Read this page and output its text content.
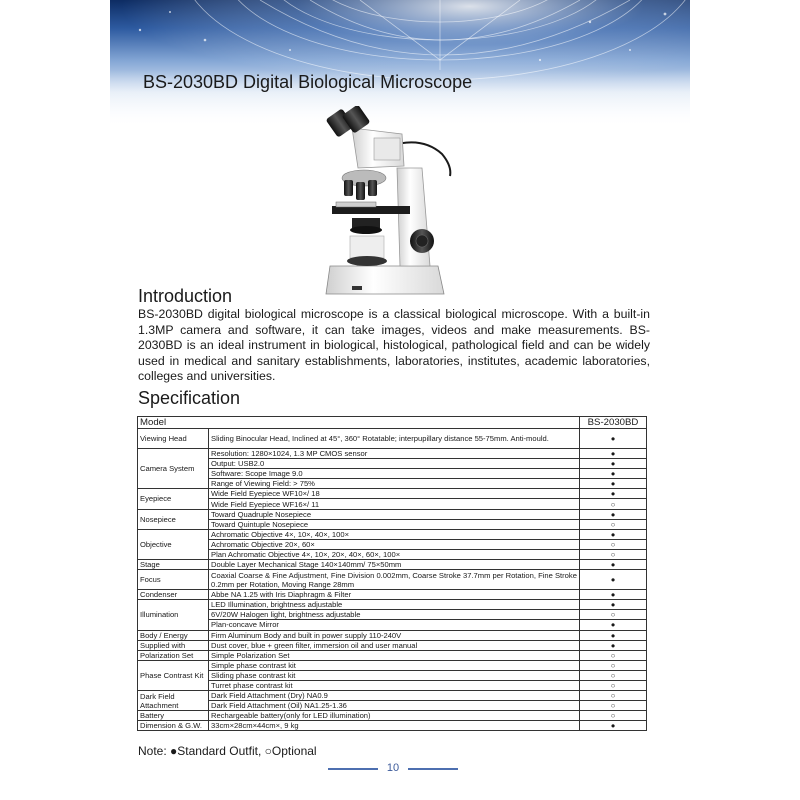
BS-2030BD Digital Biological Microscope
Introduction
BS-2030BD digital biological microscope is a classical biological microscope. With a built-in 1.3MP camera and software, it can take images, videos and make measurements. BS-2030BD is an ideal instrument in biological, histological, pathological field and can be widely used in medical and sanitary establishments, laboratories, institutes, academic laboratories, colleges and universities.
Specification
Model		BS-2030BD
Viewing Head	Sliding Binocular Head, Inclined at 45°, 360° Rotatable; interpupillary distance 55-75mm. Anti-mould.	●
Camera System	Resolution: 1280×1024, 1.3 MP CMOS sensor	●
	Output: USB2.0	●
	Software: Scope Image 9.0	●
	Range of Viewing Field: > 75%	●
Eyepiece	Wide Field Eyepiece WF10×/ 18	●
	Wide Field Eyepiece WF16×/ 11	○
Nosepiece	Toward Quadruple Nosepiece	●
	Toward Quintuple Nosepiece	○
Objective	Achromatic Objective 4×, 10×, 40×, 100×	●
	Achromatic Objective 20×, 60×	○
	Plan Achromatic Objective 4×, 10×, 20×, 40×, 60×, 100×	○
Stage	Double Layer Mechanical Stage 140×140mm/ 75×50mm	●
Focus	Coaxial Coarse & Fine Adjustment, Fine Division 0.002mm, Coarse Stroke 37.7mm per Rotation, Fine Stroke 0.2mm per Rotation, Moving Range 28mm	●
Condenser	Abbe NA 1.25 with Iris Diaphragm & Filter	●
Illumination	LED Illumination, brightness adjustable	●
	6V/20W Halogen light, brightness adjustable	○
	Plan-concave Mirror	●
Body / Energy	Firm Aluminum Body and built in power supply 110-240V	●
Supplied with	Dust cover, blue + green filter, immersion oil and user manual	●
Polarization Set	Simple Polarization Set	○
Phase Contrast Kit	Simple phase contrast kit	○
	Sliding phase contrast kit	○
	Turret phase contrast kit	○
Dark Field Attachment	Dark Field Attachment (Dry) NA0.9	○
	Dark Field Attachment (Oil) NA1.25-1.36	○
Battery	Rechargeable battery(only for LED illumination)	○
Dimension & G.W.	33cm×28cm×44cm×, 9 kg	●
Note: ●Standard Outfit, ○Optional
10
